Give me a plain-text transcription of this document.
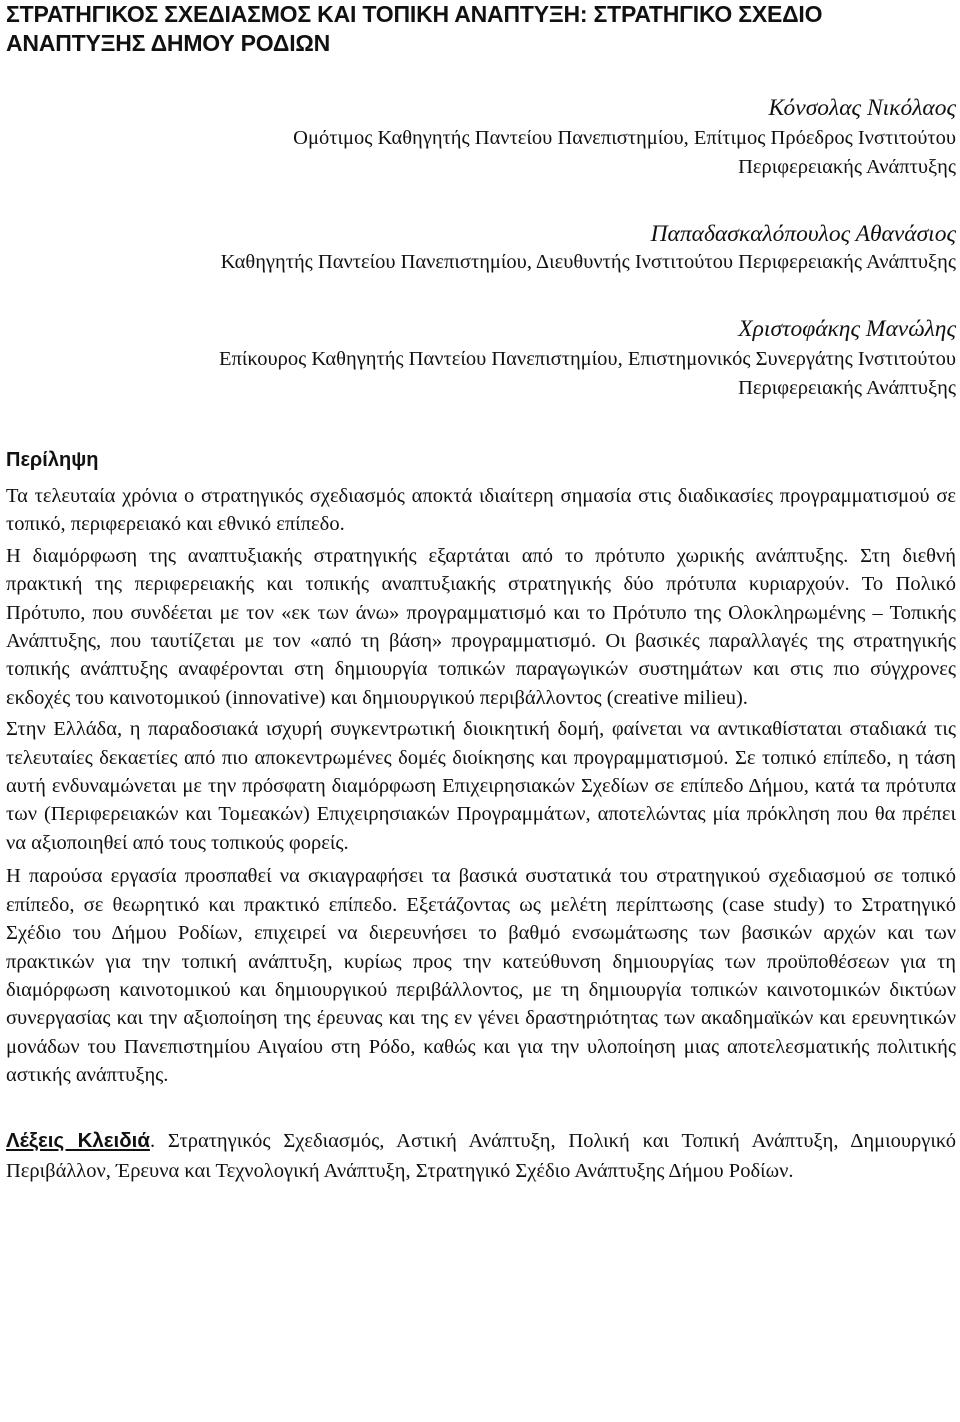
ΣΤΡΑΤΗΓΙΚΟΣ ΣΧΕΔΙΑΣΜΟΣ ΚΑΙ ΤΟΠΙΚΗ ΑΝΑΠΤΥΞΗ: ΣΤΡΑΤΗΓΙΚΟ ΣΧΕΔΙΟ ΑΝΑΠΤΥΞΗΣ ΔΗΜΟΥ ΡΟΔΙΩΝ
Κόνσολας Νικόλαος
Ομότιμος Καθηγητής Παντείου Πανεπιστημίου, Επίτιμος Πρόεδρος Ινστιτούτου
Περιφερειακής Ανάπτυξης
Παπαδασκαλόπουλος Αθανάσιος
Καθηγητής Παντείου Πανεπιστημίου, Διευθυντής Ινστιτούτου Περιφερειακής Ανάπτυξης
Χριστοφάκης Μανώλης
Επίκουρος Καθηγητής Παντείου Πανεπιστημίου, Επιστημονικός Συνεργάτης Ινστιτούτου
Περιφερειακής Ανάπτυξης
Περίληψη

Τα τελευταία χρόνια ο στρατηγικός σχεδιασμός αποκτά ιδιαίτερη σημασία στις διαδικασίες προγραμματισμού σε τοπικό, περιφερειακό και εθνικό επίπεδο.

Η διαμόρφωση της αναπτυξιακής στρατηγικής εξαρτάται από το πρότυπο χωρικής ανάπτυξης. Στη διεθνή πρακτική της περιφερειακής και τοπικής αναπτυξιακής στρατηγικής δύο πρότυπα κυριαρχούν. Το Πολικό Πρότυπο, που συνδέεται με τον «εκ των άνω» προγραμματισμό και το Πρότυπο της Ολοκληρωμένης – Τοπικής Ανάπτυξης, που ταυτίζεται με τον «από τη βάση» προγραμματισμό. Οι βασικές παραλλαγές της στρατηγικής τοπικής ανάπτυξης αναφέρονται στη δημιουργία τοπικών παραγωγικών συστημάτων και στις πιο σύγχρονες εκδοχές του καινοτομικού (innovative) και δημιουργικού περιβάλλοντος (creative milieu).

Στην Ελλάδα, η παραδοσιακά ισχυρή συγκεντρωτική διοικητική δομή, φαίνεται να αντικαθίσταται σταδιακά τις τελευταίες δεκαετίες από πιο αποκεντρωμένες δομές διοίκησης και προγραμματισμού. Σε τοπικό επίπεδο, η τάση αυτή ενδυναμώνεται με την πρόσφατη διαμόρφωση Επιχειρησιακών Σχεδίων σε επίπεδο Δήμου, κατά τα πρότυπα των (Περιφερειακών και Τομεακών) Επιχειρησιακών Προγραμμάτων, αποτελώντας μία πρόκληση που θα πρέπει να αξιοποιηθεί από τους τοπικούς φορείς.

Η παρούσα εργασία προσπαθεί να σκιαγραφήσει τα βασικά συστατικά του στρατηγικού σχεδιασμού σε τοπικό επίπεδο, σε θεωρητικό και πρακτικό επίπεδο. Εξετάζοντας ως μελέτη περίπτωσης (case study) το Στρατηγικό Σχέδιο του Δήμου Ροδίων, επιχειρεί να διερευνήσει το βαθμό ενσωμάτωσης των βασικών αρχών και των πρακτικών για την τοπική ανάπτυξη, κυρίως προς την κατεύθυνση δημιουργίας των προϋποθέσεων για τη διαμόρφωση καινοτομικού και δημιουργικού περιβάλλοντος, με τη δημιουργία τοπικών καινοτομικών δικτύων συνεργασίας και την αξιοποίηση της έρευνας και της εν γένει δραστηριότητας των ακαδημαϊκών και ερευνητικών μονάδων του Πανεπιστημίου Αιγαίου στη Ρόδο, καθώς και για την υλοποίηση μιας αποτελεσματικής πολιτικής αστικής ανάπτυξης.

Λέξεις Κλειδιά. Στρατηγικός Σχεδιασμός, Αστική Ανάπτυξη, Πολική και Τοπική Ανάπτυξη, Δημιουργικό Περιβάλλον, Έρευνα και Τεχνολογική Ανάπτυξη, Στρατηγικό Σχέδιο Ανάπτυξης Δήμου Ροδίων.
